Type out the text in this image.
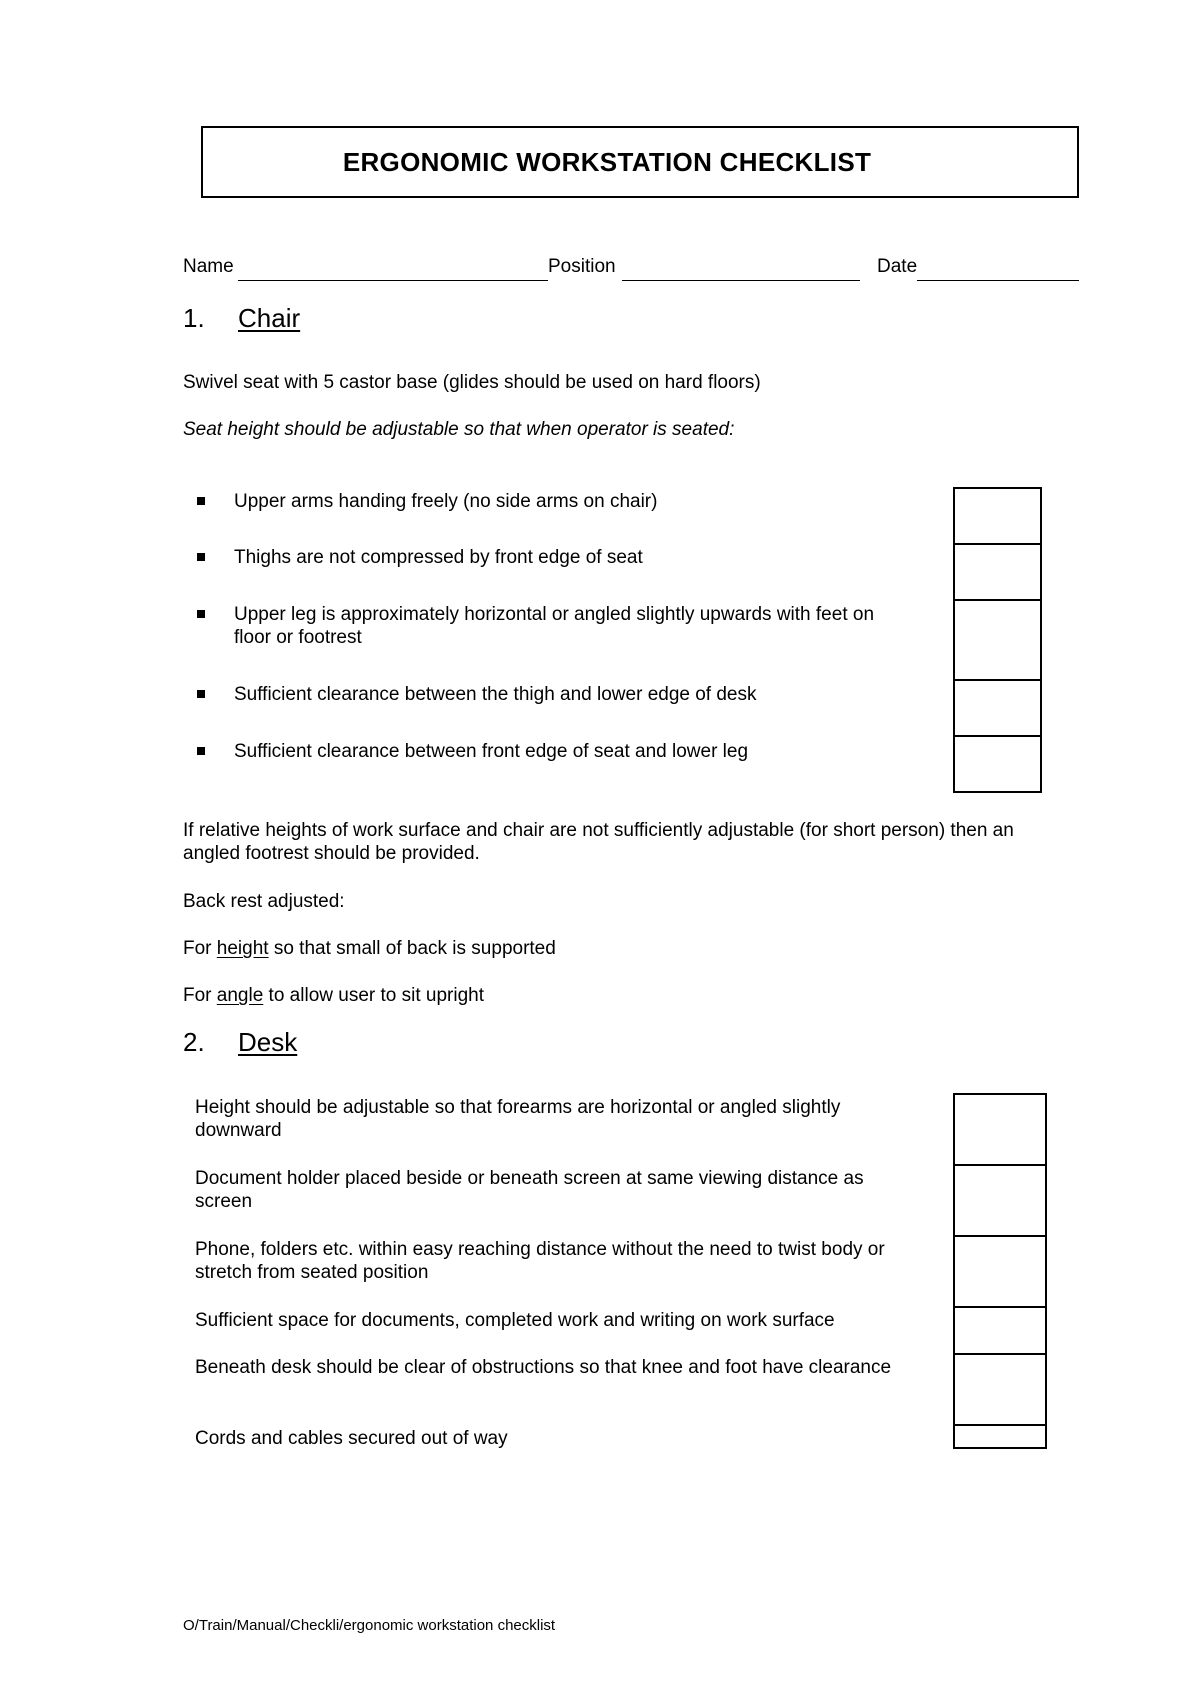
ERGONOMIC WORKSTATION CHECKLIST
Name	Position	Date
1. Chair
Swivel seat with 5 castor base (glides should be used on hard floors)
Seat height should be adjustable so that when operator is seated:
Upper arms handing freely (no side arms on chair)
Thighs are not compressed by front edge of seat
Upper leg is approximately horizontal or angled slightly upwards with feet on floor or footrest
Sufficient clearance between the thigh and lower edge of desk
Sufficient clearance between front edge of seat and lower leg
If relative heights of work surface and chair are not sufficiently adjustable (for short person) then an angled footrest should be provided.
Back rest adjusted:
For height so that small of back is supported
For angle to allow user to sit upright
2. Desk
Height should be adjustable so that forearms are horizontal or angled slightly downward
Document holder placed beside or beneath screen at same viewing distance as screen
Phone, folders etc. within easy reaching distance without the need to twist body or stretch from seated position
Sufficient space for documents, completed work and writing on work surface
Beneath desk should be clear of obstructions so that knee and foot have clearance
Cords and cables secured out of way
O/Train/Manual/Checkli/ergonomic workstation checklist
